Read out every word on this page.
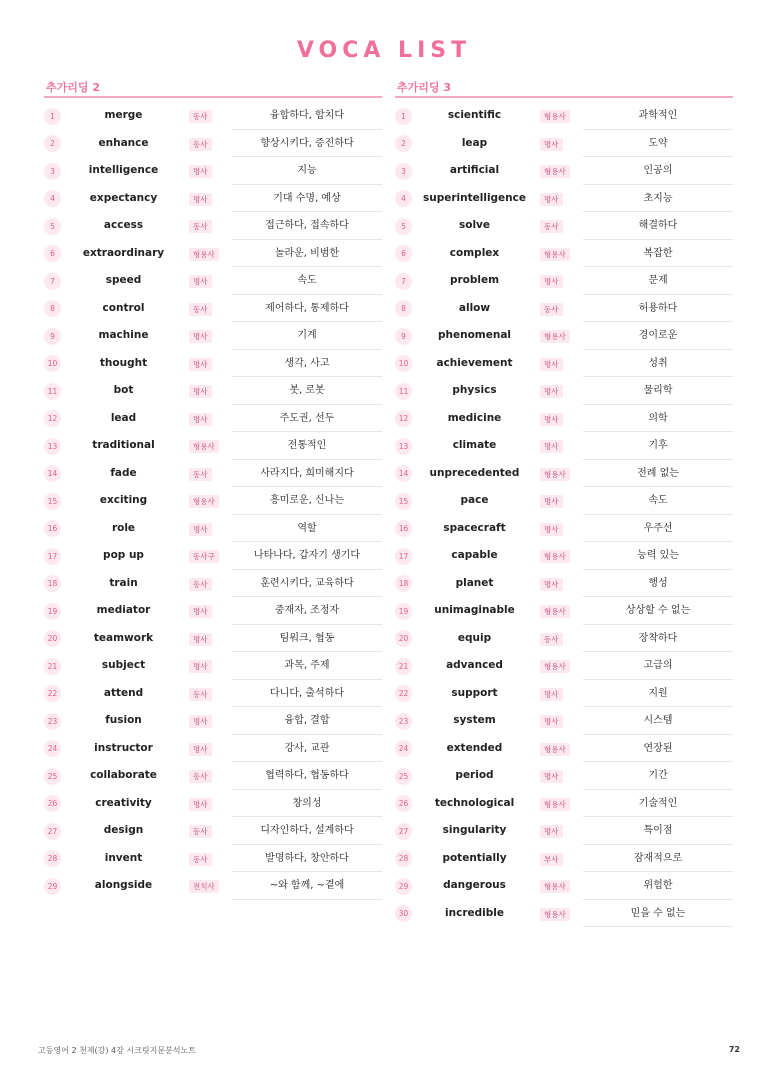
VOCA LIST
추가리딩 2
1	merge	동사	융합하다, 합치다
2	enhance	동사	향상시키다, 증진하다
3	intelligence	명사	지능
4	expectancy	명사	기대 수명, 예상
5	access	동사	접근하다, 접속하다
6	extraordinary	형용사	놀라운, 비범한
7	speed	명사	속도
8	control	동사	제어하다, 통제하다
9	machine	명사	기계
10	thought	명사	생각, 사고
11	bot	명사	봇, 로봇
12	lead	명사	주도권, 선두
13	traditional	형용사	전통적인
14	fade	동사	사라지다, 희미해지다
15	exciting	형용사	흥미로운, 신나는
16	role	명사	역할
17	pop up	동사구	나타나다, 갑자기 생기다
18	train	동사	훈련시키다, 교육하다
19	mediator	명사	중재자, 조정자
20	teamwork	명사	팀워크, 협동
21	subject	명사	과목, 주제
22	attend	동사	다니다, 출석하다
23	fusion	명사	융합, 결합
24	instructor	명사	강사, 교관
25	collaborate	동사	협력하다, 협동하다
26	creativity	명사	창의성
27	design	동사	디자인하다, 설계하다
28	invent	동사	발명하다, 창안하다
29	alongside	전치사	~와 함께, ~곁에
추가리딩 3
1	scientific	형용사	과학적인
2	leap	명사	도약
3	artificial	형용사	인공의
4	superintelligence	명사	초지능
5	solve	동사	해결하다
6	complex	형용사	복잡한
7	problem	명사	문제
8	allow	동사	허용하다
9	phenomenal	형용사	경이로운
10	achievement	명사	성취
11	physics	명사	물리학
12	medicine	명사	의학
13	climate	명사	기후
14	unprecedented	형용사	전례 없는
15	pace	명사	속도
16	spacecraft	명사	우주선
17	capable	형용사	능력 있는
18	planet	명사	행성
19	unimaginable	형용사	상상할 수 없는
20	equip	동사	장착하다
21	advanced	형용사	고급의
22	support	명사	지원
23	system	명사	시스템
24	extended	형용사	연장된
25	period	명사	기간
26	technological	형용사	기술적인
27	singularity	명사	특이점
28	potentially	부사	잠재적으로
29	dangerous	형용사	위험한
30	incredible	형용사	믿을 수 없는
고등영어 2 천재(강) 4강 시크릿지문분석노트	72
